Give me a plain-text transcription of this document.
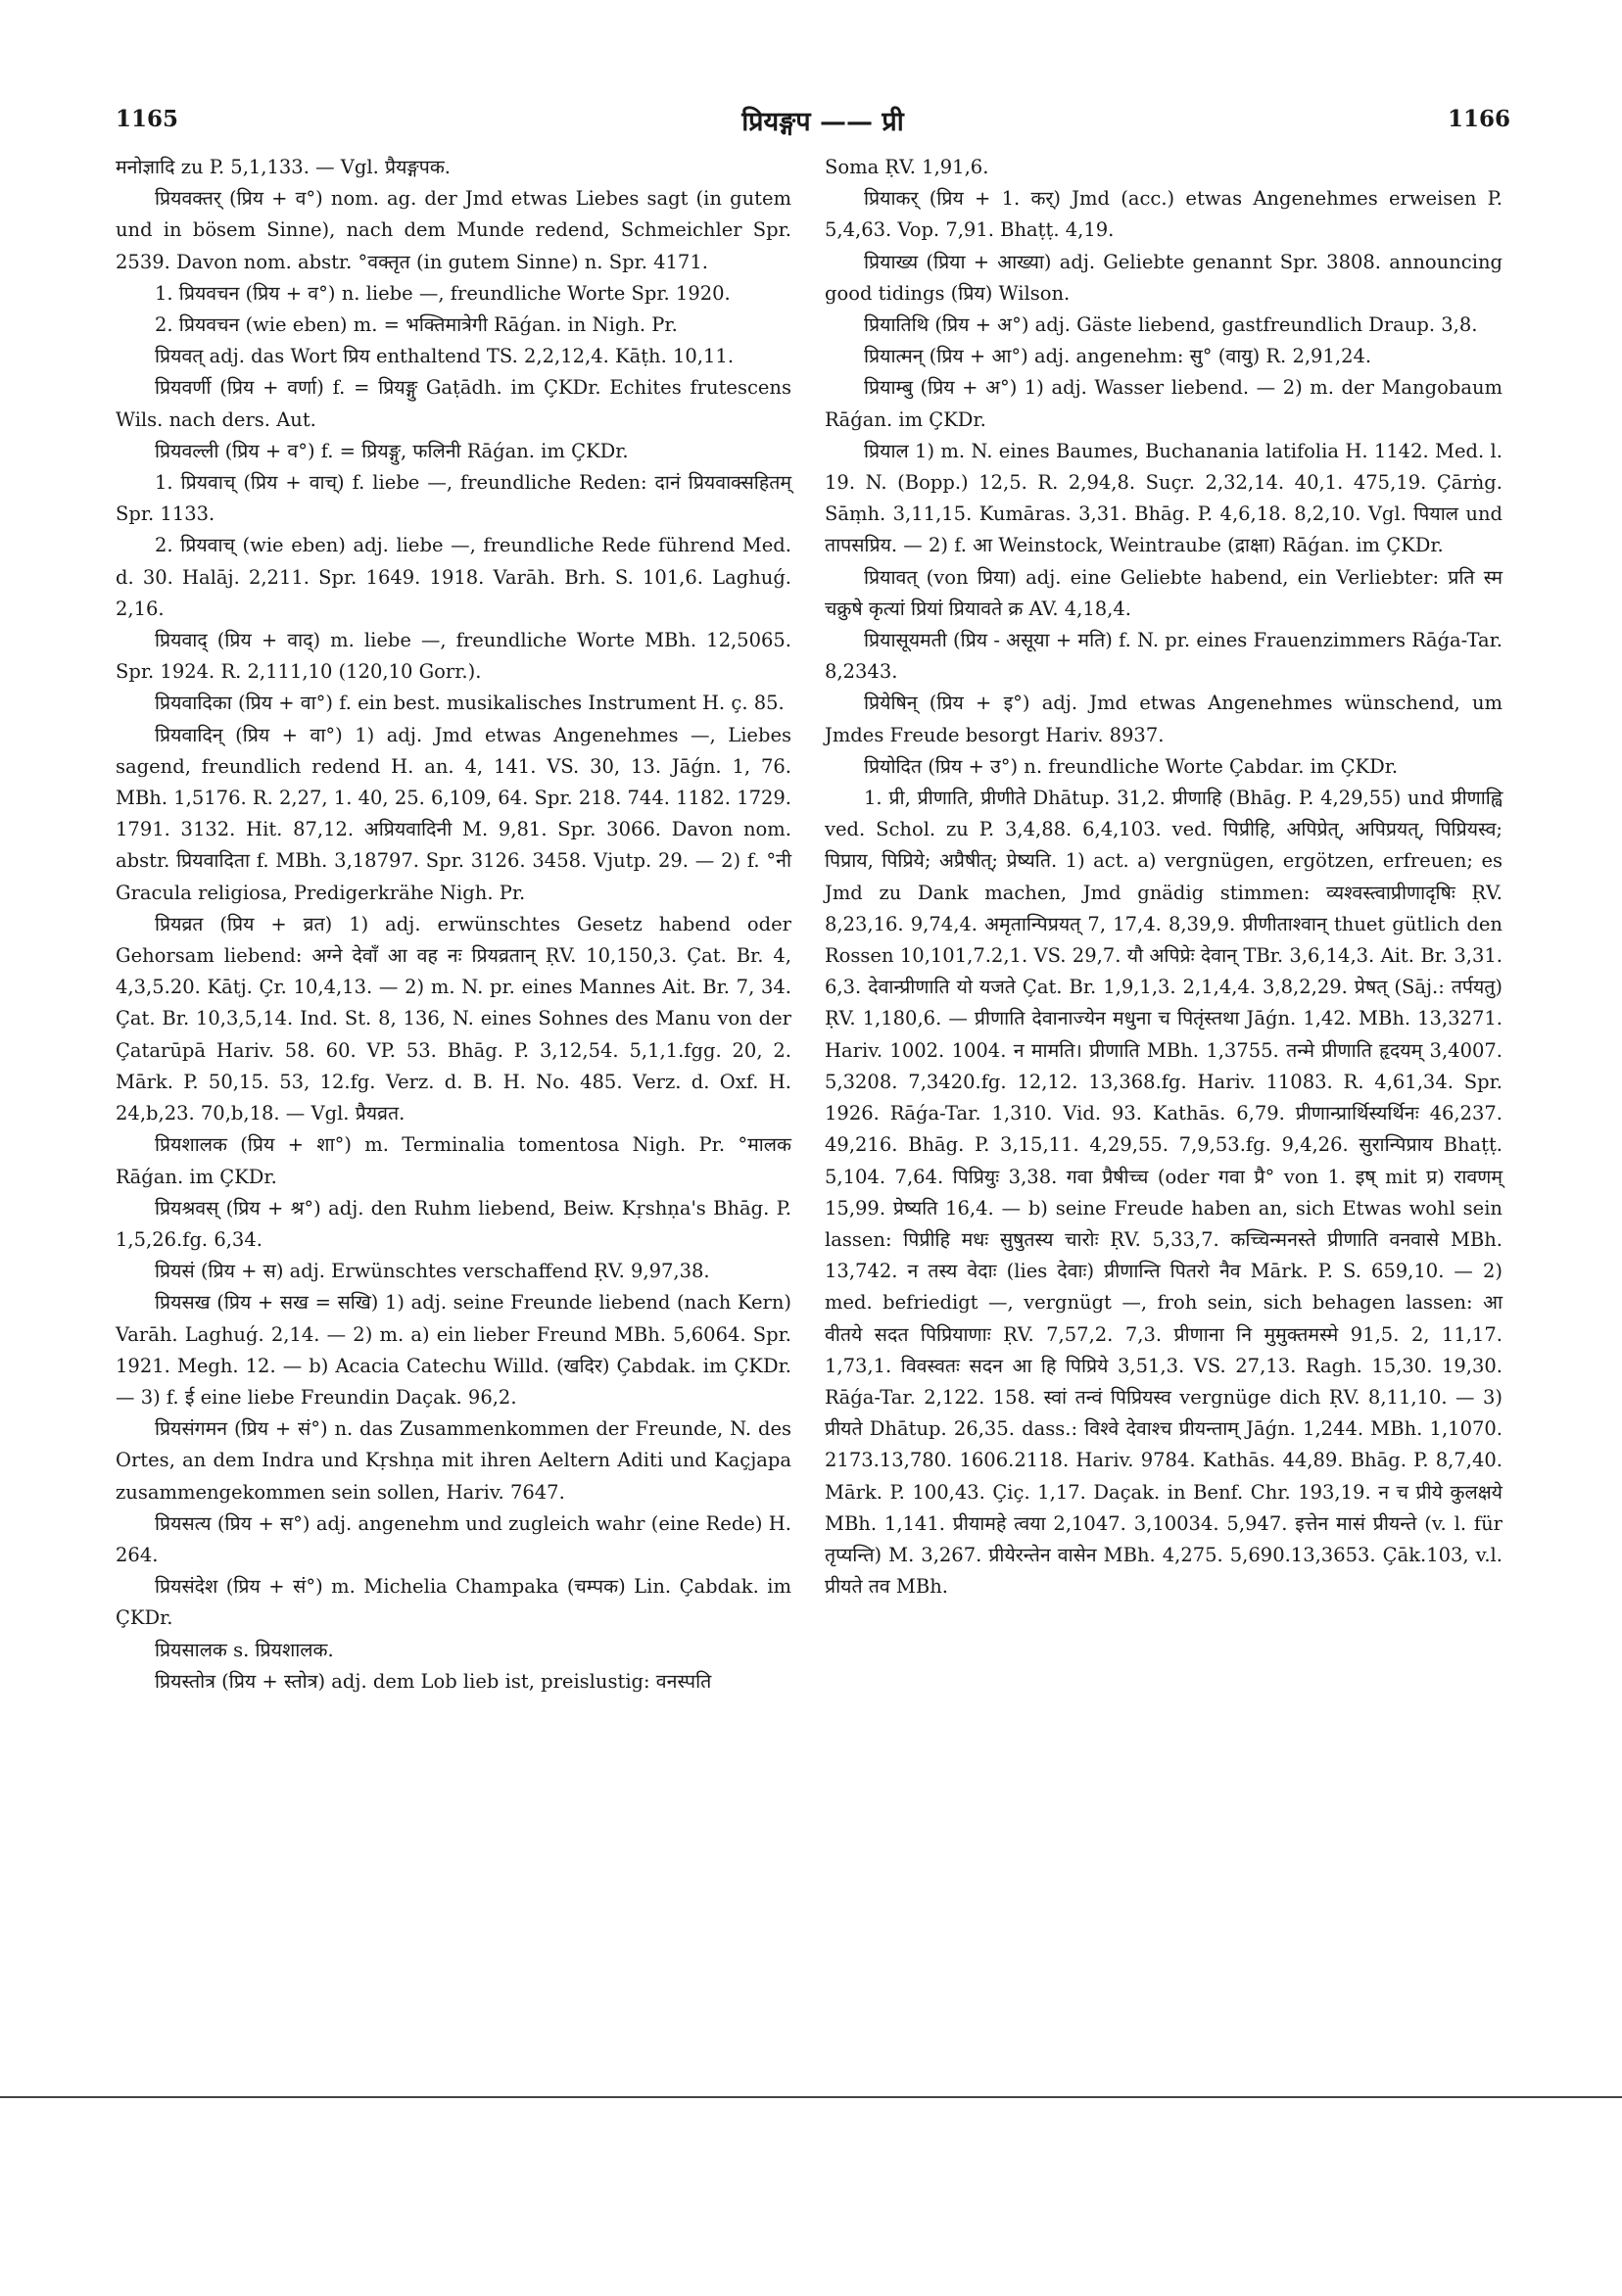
1165	प्रियङ्गप —— प्री	1166

मनोज्ञादि zu P. 5,1,133. — Vgl. प्रैयङ्गपक.

प्रियवक्तर् (प्रिय + व°) nom. ag. der Jmd etwas Liebes sagt (in gutem und in bösem Sinne), nach dem Munde redend, Schmeichler Spr. 2539. Davon nom. abstr. °वक्तृत (in gutem Sinne) n. Spr. 4171.

1. प्रियवचन (प्रिय + व°) n. liebe —, freundliche Worte Spr. 1920.

2. प्रियवचन (wie eben) m. = भक्तिमात्रेगी Rāǵan. in Nigh. Pr.

प्रियवत् adj. das Wort प्रिय enthaltend TS. 2,2,12,4. Kāṭh. 10,11.

प्रियवर्णी (प्रिय + वर्णा) f. = प्रियङ्गु Gaṭādh. im ÇKDr. Echites frutescens Wils. nach ders. Aut.

प्रियवल्ली (प्रिय + व°) f. = प्रियङ्गु, फलिनी Rāǵan. im ÇKDr.

1. प्रियवाच् (प्रिय + वाच्) f. liebe —, freundliche Reden: दानं प्रियवाक्सहितम् Spr. 1133.

2. प्रियवाच् (wie eben) adj. liebe —, freundliche Rede führend Med. d. 30. Halāj. 2,211. Spr. 1649. 1918. Varāh. Brh. S. 101,6. Laghuǵ. 2,16.

प्रियवाद् (प्रिय + वाद्) m. liebe —, freundliche Worte MBh. 12,5065. Spr. 1924. R. 2,111,10 (120,10 Gorr.).

प्रियवादिका (प्रिय + वा°) f. ein best. musikalisches Instrument H. ç. 85.

प्रियवादिन् (प्रिय + वा°) 1) adj. Jmd etwas Angenehmes —, Liebes sagend, freundlich redend H. an. 4, 141. VS. 30, 13. Jāǵn. 1, 76. MBh. 1,5176. R. 2,27, 1. 40, 25. 6,109, 64. Spr. 218. 744. 1182. 1729. 1791. 3132. Hit. 87,12. अप्रियवादिनी M. 9,81. Spr. 3066. Davon nom. abstr. प्रियवादिता f. MBh. 3,18797. Spr. 3126. 3458. Vjutp. 29. — 2) f. °नी Gracula religiosa, Predigerkrähe Nigh. Pr.

प्रियव्रत (प्रिय + व्रत) 1) adj. erwünschtes Gesetz habend oder Gehorsam liebend: अग्ने देवाँ आ वह नः प्रियव्रतान् ṚV. 10,150,3. Çat. Br. 4, 4,3,5.20. Kātj. Çr. 10,4,13. — 2) m. N. pr. eines Mannes Ait. Br. 7, 34. Çat. Br. 10,3,5,14. Ind. St. 8, 136, N. eines Sohnes des Manu von der Çatarūpā Hariv. 58. 60. VP. 53. Bhāg. P. 3,12,54. 5,1,1.fgg. 20, 2. Mārk. P. 50,15. 53, 12.fg. Verz. d. B. H. No. 485. Verz. d. Oxf. H. 24,b,23. 70,b,18. — Vgl. प्रैयव्रत.

प्रियशालक (प्रिय + शा°) m. Terminalia tomentosa Nigh. Pr. °मालक Rāǵan. im ÇKDr.

प्रियश्रवस् (प्रिय + श्र°) adj. den Ruhm liebend, Beiw. Kṛshṇa's Bhāg. P. 1,5,26.fg. 6,34.

प्रियसं (प्रिय + स) adj. Erwünschtes verschaffend ṚV. 9,97,38.

प्रियसख (प्रिय + सख = सखि) 1) adj. seine Freunde liebend (nach Kern) Varāh. Laghuǵ. 2,14. — 2) m. a) ein lieber Freund MBh. 5,6064. Spr. 1921. Megh. 12. — b) Acacia Catechu Willd. (खदिर) Çabdak. im ÇKDr. — 3) f. ई eine liebe Freundin Daçak. 96,2.

प्रियसंगमन (प्रिय + सं°) n. das Zusammenkommen der Freunde, N. des Ortes, an dem Indra und Kṛshṇa mit ihren Aeltern Aditi und Kaçjapa zusammengekommen sein sollen, Hariv. 7647.

प्रियसत्य (प्रिय + स°) adj. angenehm und zugleich wahr (eine Rede) H. 264.

प्रियसंदेश (प्रिय + सं°) m. Michelia Champaka (चम्पक) Lin. Çabdak. im ÇKDr.

प्रियसालक s. प्रियशालक.

प्रियस्तोत्र (प्रिय + स्तोत्र) adj. dem Lob lieb ist, preislustig: वनस्पति

Soma ṚV. 1,91,6.

प्रियाकर् (प्रिय + 1. कर्) Jmd (acc.) etwas Angenehmes erweisen P. 5,4,63. Vop. 7,91. Bhaṭṭ. 4,19.

प्रियाख्य (प्रिया + आख्या) adj. Geliebte genannt Spr. 3808. announcing good tidings (प्रिय) Wilson.

प्रियातिथि (प्रिय + अ°) adj. Gäste liebend, gastfreundlich Draup. 3,8.

प्रियात्मन् (प्रिय + आ°) adj. angenehm: सु° (वायु) R. 2,91,24.

प्रियाम्बु (प्रिय + अ°) 1) adj. Wasser liebend. — 2) m. der Mangobaum Rāǵan. im ÇKDr.

प्रियाल 1) m. N. eines Baumes, Buchanania latifolia H. 1142. Med. l. 19. N. (Bopp.) 12,5. R. 2,94,8. Suçr. 2,32,14. 40,1. 475,19. Çārṅg. Sāṃh. 3,11,15. Kumāras. 3,31. Bhāg. P. 4,6,18. 8,2,10. Vgl. पियाल und तापसप्रिय. — 2) f. आ Weinstock, Weintraube (द्राक्षा) Rāǵan. im ÇKDr.

प्रियावत् (von प्रिया) adj. eine Geliebte habend, ein Verliebter: प्रति स्म चक्रुषे कृत्यां प्रियां प्रियावते क्र AV. 4,18,4.

प्रियासूयमती (प्रिय - असूया + मति) f. N. pr. eines Frauenzimmers Rāǵa-Tar. 8,2343.

प्रियेषिन् (प्रिय + इ°) adj. Jmd etwas Angenehmes wünschend, um Jmdes Freude besorgt Hariv. 8937.

प्रियोदित (प्रिय + उ°) n. freundliche Worte Çabdar. im ÇKDr.

1. प्री, प्रीणाति, प्रीणीते Dhātup. 31,2. प्रीणाहि (Bhāg. P. 4,29,55) und प्रीणाह्वि ved. Schol. zu P. 3,4,88. 6,4,103. ved. पिप्रीहि, अपिप्रेत्, अपिप्रयत्, पिप्रियस्व; पिप्राय, पिप्रिये; अप्रैषीत्; प्रेष्यति. 1) act. a) vergnügen, ergötzen, erfreuen; es Jmd zu Dank machen, Jmd gnädig stimmen: व्यश्वस्त्वाप्रीणादृषिः ṚV. 8,23,16. 9,74,4. अमृतान्पिप्रयत् 7, 17,4. 8,39,9. प्रीणीताश्वान् thuet gütlich den Rossen 10,101,7.2,1. VS. 29,7. यौ अपिप्रेः देवान् TBr. 3,6,14,3. Ait. Br. 3,31. 6,3. देवान्प्रीणाति यो यजते Çat. Br. 1,9,1,3. 2,1,4,4. 3,8,2,29. प्रेषत् (Sāj.: तर्पयतु) ṚV. 1,180,6. — प्रीणाति देवानाज्येन मधुना च पितृंस्तथा Jāǵn. 1,42. MBh. 13,3271. Hariv. 1002. 1004. न मामति। प्रीणाति MBh. 1,3755. तन्मे प्रीणाति हृदयम् 3,4007. 5,3208. 7,3420.fg. 12,12. 13,368.fg. Hariv. 11083. R. 4,61,34. Spr. 1926. Rāǵa-Tar. 1,310. Vid. 93. Kathās. 6,79. प्रीणान्प्रार्थिस्यर्थिनः 46,237. 49,216. Bhāg. P. 3,15,11. 4,29,55. 7,9,53.fg. 9,4,26. सुरान्पिप्राय Bhaṭṭ. 5,104. 7,64. पिप्रियुः 3,38. गवा प्रैषीच्च (oder गवा प्रै° von 1. इष् mit प्र) रावणम् 15,99. प्रेष्यति 16,4. — b) seine Freude haben an, sich Etwas wohl sein lassen: पिप्रीहि मधः सुषुतस्य चारोः ṚV. 5,33,7. कच्चिन्मनस्ते प्रीणाति वनवासे MBh. 13,742. न तस्य वेदाः (lies देवाः) प्रीणान्ति पितरो नैव Mārk. P. S. 659,10. — 2) med. befriedigt —, vergnügt —, froh sein, sich behagen lassen: आ वीतये सदत पिप्रियाणाः ṚV. 7,57,2. 7,3. प्रीणाना नि मुमुक्तमस्मे 91,5. 2, 11,17. 1,73,1. विवस्वतः सदन आ हि पिप्रिये 3,51,3. VS. 27,13. Ragh. 15,30. 19,30. Rāǵa-Tar. 2,122. 158. स्वां तन्वं पिप्रियस्व vergnüge dich ṚV. 8,11,10. — 3) प्रीयते Dhātup. 26,35. dass.: विश्वे देवाश्च प्रीयन्ताम् Jāǵn. 1,244. MBh. 1,1070. 2173.13,780. 1606.2118. Hariv. 9784. Kathās. 44,89. Bhāg. P. 8,7,40. Mārk. P. 100,43. Çiç. 1,17. Daçak. in Benf. Chr. 193,19. न च प्रीये कुलक्षये MBh. 1,141. प्रीयामहे त्वया 2,1047. 3,10034. 5,947. इत्तेन मासं प्रीयन्ते (v. l. für तृप्यन्ति) M. 3,267. प्रीयेरन्तेन वासेन MBh. 4,275. 5,690.13,3653. Çāk.103, v.l. प्रीयते तव MBh.
